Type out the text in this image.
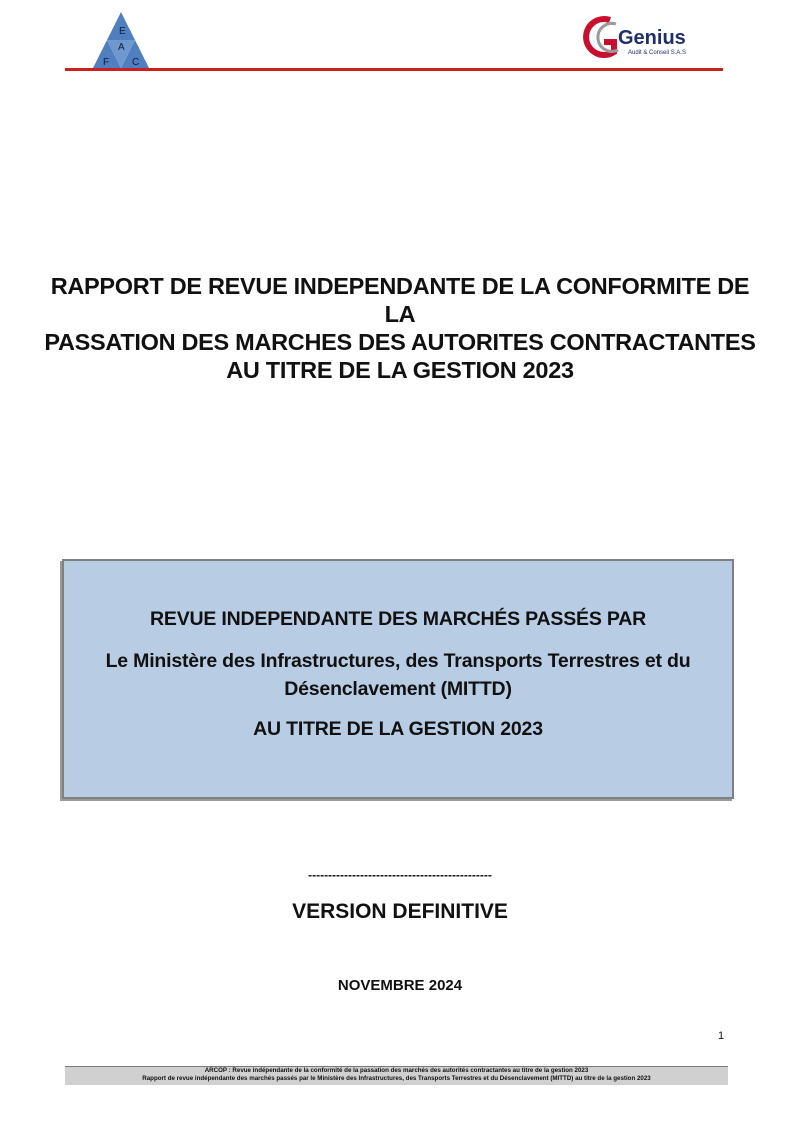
E
A
F C
Genius
Audit & Conseil S.A.S
RAPPORT DE REVUE INDEPENDANTE DE LA CONFORMITE DE LA
PASSATION DES MARCHES DES AUTORITES CONTRACTANTES
AU TITRE DE LA GESTION 2023
REVUE INDEPENDANTE DES MARCHÉS PASSÉS PAR
Le Ministère des Infrastructures, des Transports Terrestres et du
Désenclavement (MITTD)
AU TITRE DE LA GESTION 2023
----------------------------------------------
VERSION DEFINITIVE
NOVEMBRE 2024
1
ARCOP : Revue indépendante de la conformité de la passation des marchés des autorités contractantes au titre de la gestion 2023
Rapport de revue indépendante des marchés passés par le Ministère des Infrastructures, des Transports Terrestres et du Désenclavement (MITTD) au titre de la gestion 2023
